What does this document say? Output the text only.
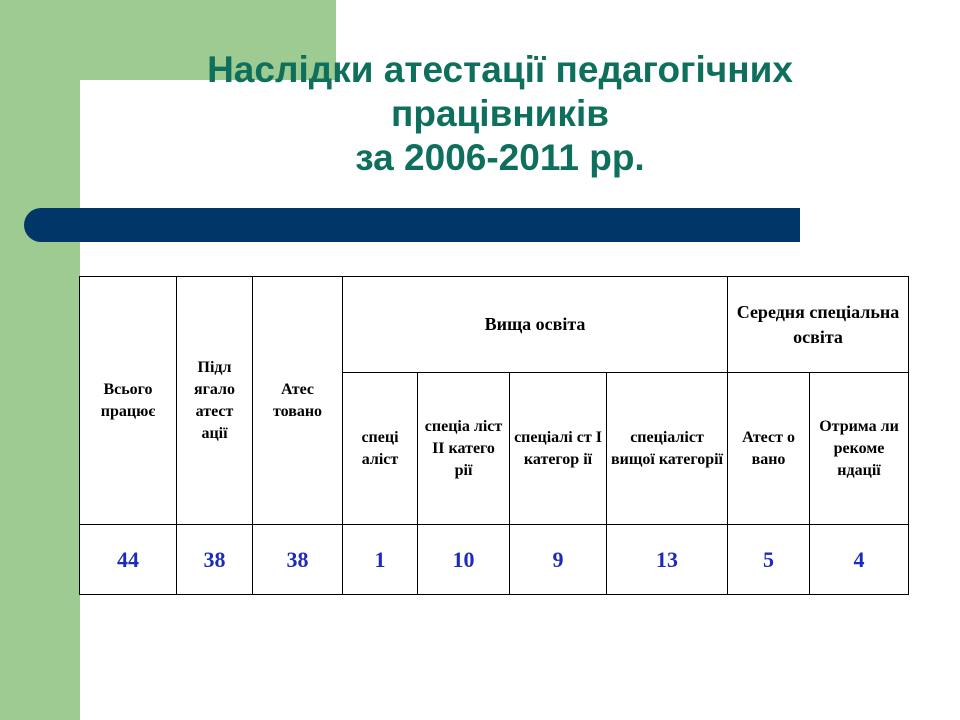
Наслідки атестації педагогічних
працівників
за 2006-2011 рр.
Всього працює	Підл ягало атест ації	Атес товано	Вища освіта				Середня спеціальна освіта	
			спеці аліст	спеціа ліст ІІ катего рії	спеціалі ст І категор ії	спеціаліст вищої категорії	Атест о вано	Отрима ли рекоме ндації
44	38	38	1	10	9	13	5	4
